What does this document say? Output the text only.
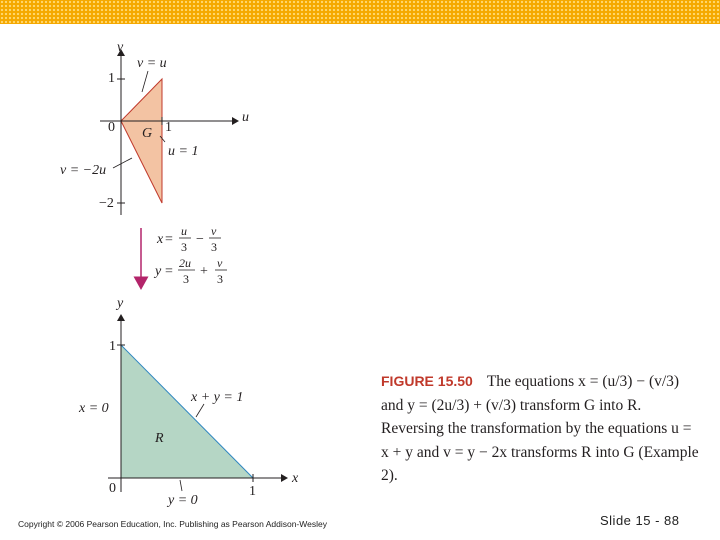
v
u
1
−2
0	1
G
v = u
u = 1
v = −2u
x =
u
3 −
v
3
y =
2u
3 +
v
3
y
x
1
0	1
R
x = 0
x + y = 1
y = 0
FIGURE 15.50 The equations x = (u/3) − (v/3) and y = (2u/3) + (v/3) transform G into R. Reversing the transformation by the equations u = x + y and v = y − 2x transforms R into G (Example 2).
Copyright © 2006 Pearson Education, Inc. Publishing as Pearson Addison-Wesley	Slide 15 - 88
